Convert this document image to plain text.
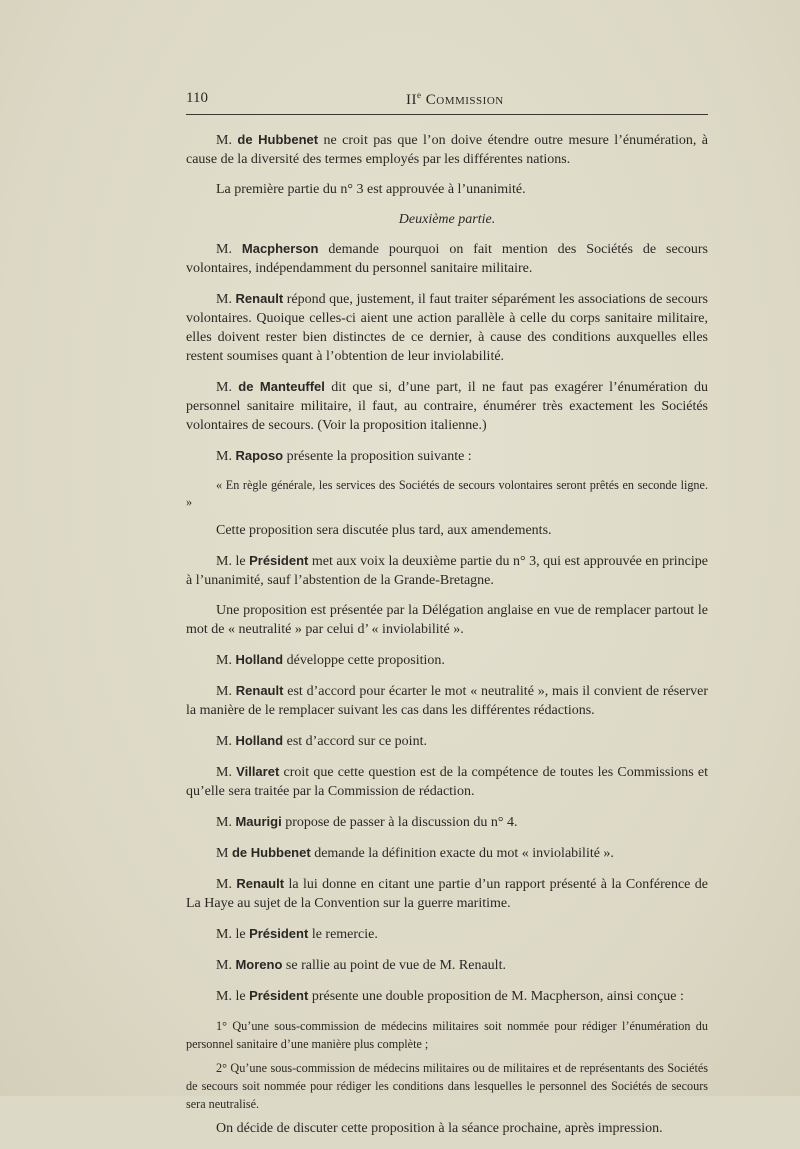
110	IIe Commission

M. de Hubbenet ne croit pas que l’on doive étendre outre mesure l’énumération, à cause de la diversité des termes employés par les différentes nations.

La première partie du n° 3 est approuvée à l’unanimité.

Deuxième partie.

M. Macpherson demande pourquoi on fait mention des Sociétés de secours volontaires, indépendamment du personnel sanitaire militaire.

M. Renault répond que, justement, il faut traiter séparément les associations de secours volontaires. Quoique celles-ci aient une action parallèle à celle du corps sanitaire militaire, elles doivent rester bien distinctes de ce dernier, à cause des conditions auxquelles elles restent soumises quant à l’obtention de leur inviolabilité.

M. de Manteuffel dit que si, d’une part, il ne faut pas exagérer l’énumération du personnel sanitaire militaire, il faut, au contraire, énumérer très exactement les Sociétés volontaires de secours. (Voir la proposition italienne.)

M. Raposo présente la proposition suivante :

« En règle générale, les services des Sociétés de secours volontaires seront prêtés en seconde ligne. »

Cette proposition sera discutée plus tard, aux amendements.

M. le Président met aux voix la deuxième partie du n° 3, qui est approuvée en principe à l’unanimité, sauf l’abstention de la Grande-Bretagne.

Une proposition est présentée par la Délégation anglaise en vue de remplacer partout le mot de « neutralité » par celui d’ « inviolabilité ».

M. Holland développe cette proposition.

M. Renault est d’accord pour écarter le mot « neutralité », mais il convient de réserver la manière de le remplacer suivant les cas dans les différentes rédactions.

M. Holland est d’accord sur ce point.

M. Villaret croit que cette question est de la compétence de toutes les Commissions et qu’elle sera traitée par la Commission de rédaction.

M. Maurigi propose de passer à la discussion du n° 4.

M de Hubbenet demande la définition exacte du mot « inviolabilité ».

M. Renault la lui donne en citant une partie d’un rapport présenté à la Conférence de La Haye au sujet de la Convention sur la guerre maritime.

M. le Président le remercie.

M. Moreno se rallie au point de vue de M. Renault.

M. le Président présente une double proposition de M. Macpherson, ainsi conçue :

1° Qu’une sous-commission de médecins militaires soit nommée pour rédiger l’énumération du personnel sanitaire d’une manière plus complète ;

2° Qu’une sous-commission de médecins militaires ou de militaires et de représentants des Sociétés de secours soit nommée pour rédiger les conditions dans lesquelles le personnel des Sociétés de secours sera neutralisé.

On décide de discuter cette proposition à la séance prochaine, après impression.
